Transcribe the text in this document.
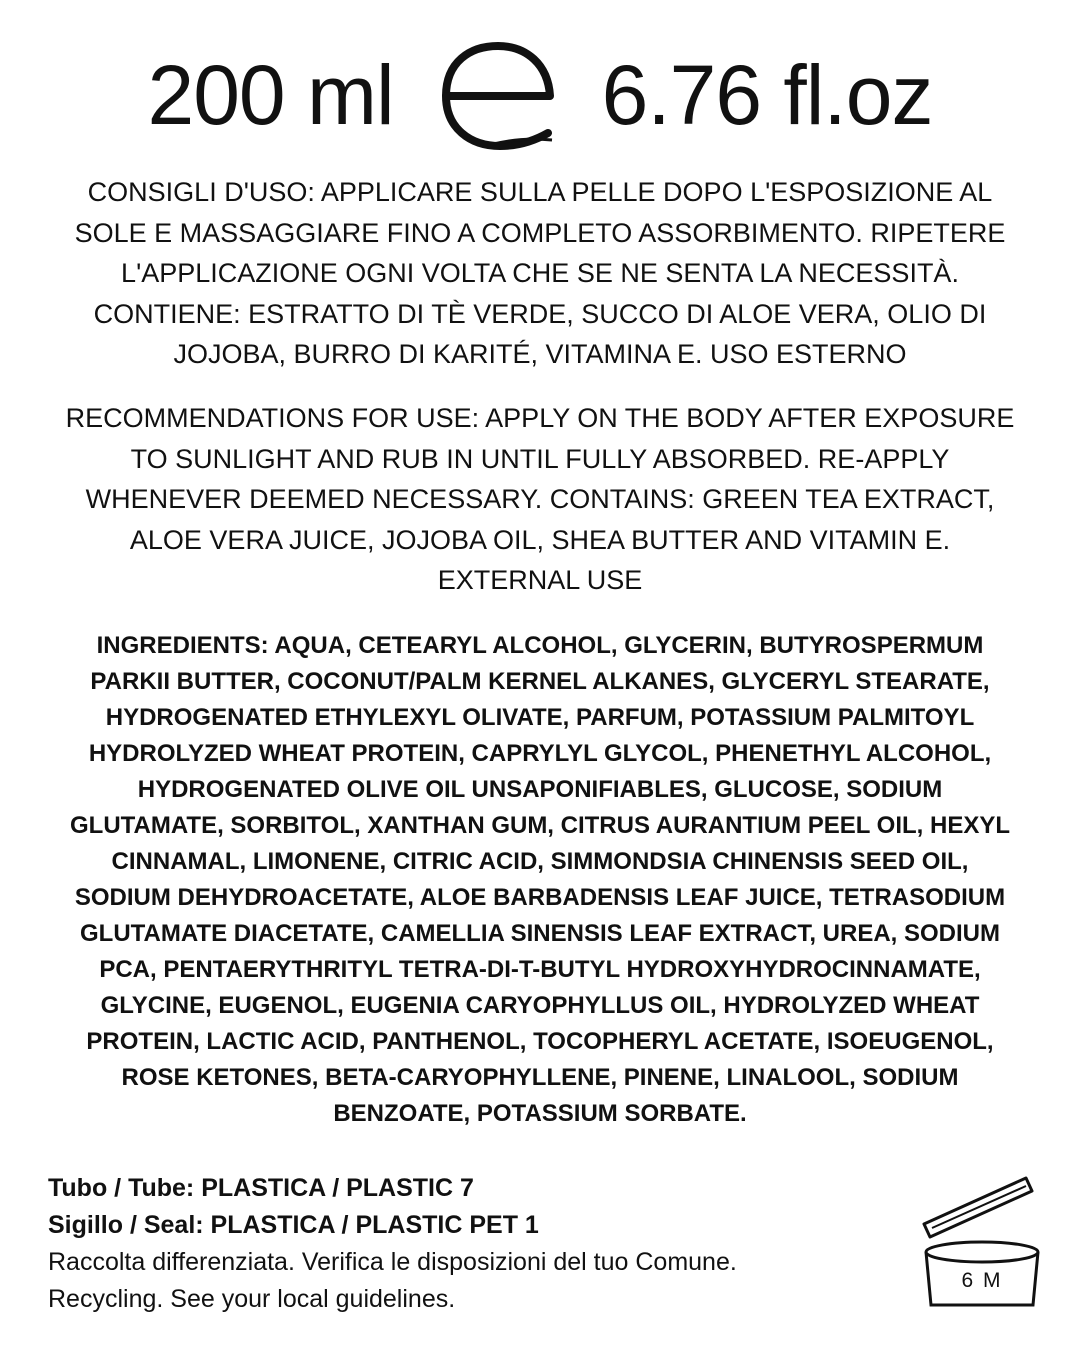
200 ml 6.76 fl.oz
CONSIGLI D'USO: APPLICARE SULLA PELLE DOPO L'ESPOSIZIONE AL
SOLE E MASSAGGIARE FINO A COMPLETO ASSORBIMENTO. RIPETERE
L'APPLICAZIONE OGNI VOLTA CHE SE NE SENTA LA NECESSITÀ.
CONTIENE: ESTRATTO DI TÈ VERDE, SUCCO DI ALOE VERA, OLIO DI
JOJOBA, BURRO DI KARITÉ, VITAMINA E. USO ESTERNO
RECOMMENDATIONS FOR USE: APPLY ON THE BODY AFTER EXPOSURE
TO SUNLIGHT AND RUB IN UNTIL FULLY ABSORBED. RE-APPLY
WHENEVER DEEMED NECESSARY. CONTAINS: GREEN TEA EXTRACT,
ALOE VERA JUICE, JOJOBA OIL, SHEA BUTTER AND VITAMIN E.
EXTERNAL USE
INGREDIENTS: AQUA, CETEARYL ALCOHOL, GLYCERIN, BUTYROSPERMUM
PARKII BUTTER, COCONUT/PALM KERNEL ALKANES, GLYCERYL STEARATE,
HYDROGENATED ETHYLEXYL OLIVATE, PARFUM, POTASSIUM PALMITOYL
HYDROLYZED WHEAT PROTEIN, CAPRYLYL GLYCOL, PHENETHYL ALCOHOL,
HYDROGENATED OLIVE OIL UNSAPONIFIABLES, GLUCOSE, SODIUM
GLUTAMATE, SORBITOL, XANTHAN GUM, CITRUS AURANTIUM PEEL OIL, HEXYL
CINNAMAL, LIMONENE, CITRIC ACID, SIMMONDSIA CHINENSIS SEED OIL,
SODIUM DEHYDROACETATE, ALOE BARBADENSIS LEAF JUICE, TETRASODIUM
GLUTAMATE DIACETATE, CAMELLIA SINENSIS LEAF EXTRACT, UREA, SODIUM
PCA, PENTAERYTHRITYL TETRA-DI-T-BUTYL HYDROXYHYDROCINNAMATE,
GLYCINE, EUGENOL, EUGENIA CARYOPHYLLUS OIL, HYDROLYZED WHEAT
PROTEIN, LACTIC ACID, PANTHENOL, TOCOPHERYL ACETATE, ISOEUGENOL,
ROSE KETONES, BETA-CARYOPHYLLENE, PINENE, LINALOOL, SODIUM
BENZOATE, POTASSIUM SORBATE.
Tubo / Tube: PLASTICA / PLASTIC 7
Sigillo / Seal: PLASTICA / PLASTIC PET 1
Raccolta differenziata. Verifica le disposizioni del tuo Comune.
Recycling. See your local guidelines.
6 M
